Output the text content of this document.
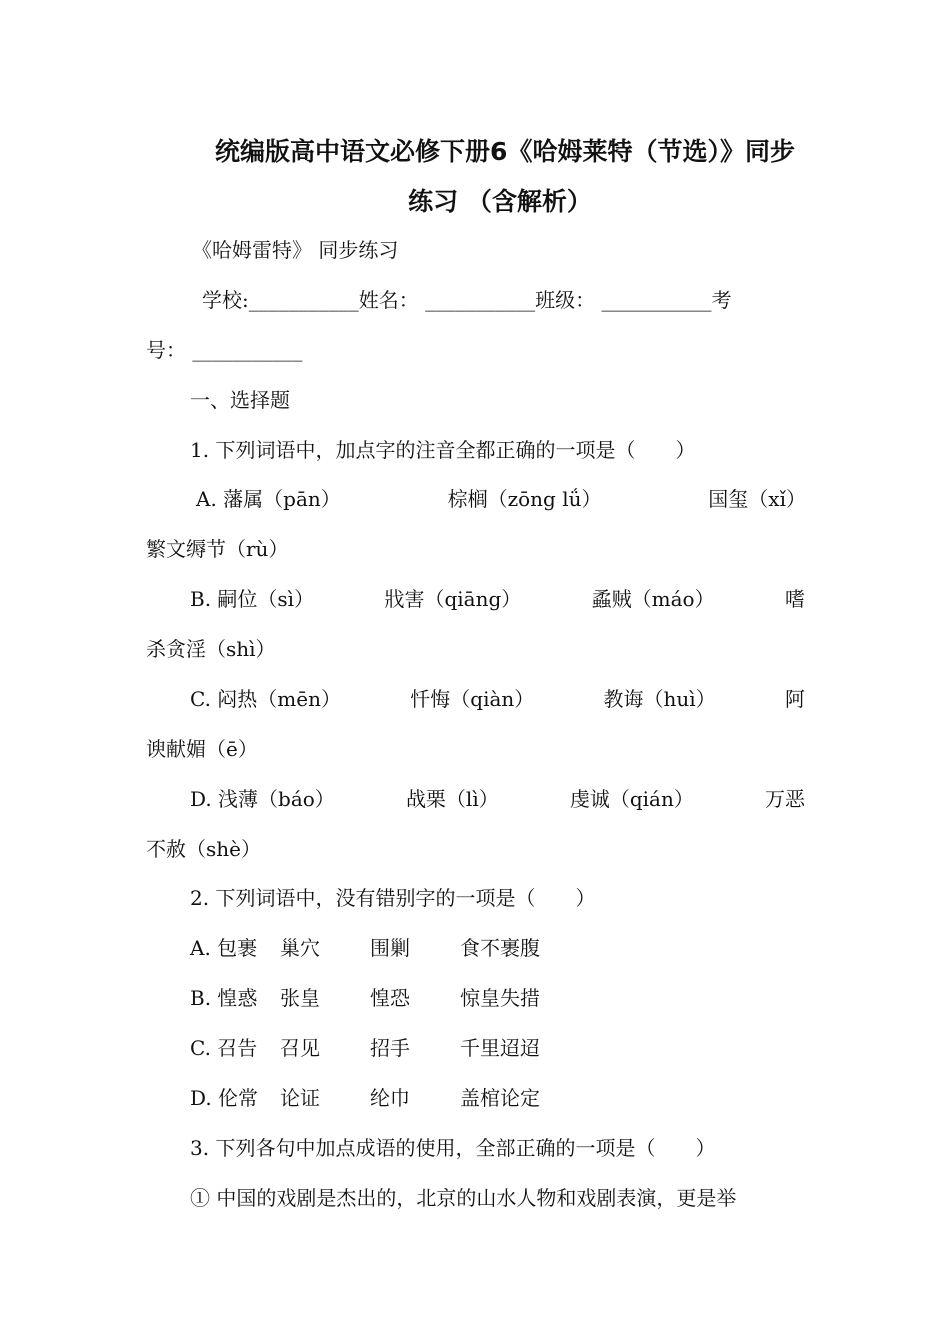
统编版高中语文必修下册6《哈姆莱特（节选）》同步
练习 （含解析）
《哈姆雷特》 同步练习
学校:___________姓名： ___________班级： ___________考
号： ___________
一、选择题
1. 下列词语中，加点字的注音全都正确的一项是（　　）
A. 藩属（pān）	棕榈（zōng lǘ）	国玺（xǐ）
繁文缛节（rù）
B. 嗣位（sì）	戕害（qiāng）	蟊贼（máo）	嗜
杀贪淫（shì）
C. 闷热（mēn）	忏悔（qiàn）	教诲（huì）	阿
谀献媚（ē）
D. 浅薄（báo）	战栗（lì）	虔诚（qián）	万恶
不赦（shè）
2. 下列词语中，没有错别字的一项是（　　）
A. 包裹 巢穴	围剿	食不裹腹
B. 惶惑 张皇	惶恐	惊皇失措
C. 召告 召见	招手	千里迢迢
D. 伦常 论证	纶巾	盖棺论定
3. 下列各句中加点成语的使用，全部正确的一项是（　　）
① 中国的戏剧是杰出的，北京的山水人物和戏剧表演，更是举
